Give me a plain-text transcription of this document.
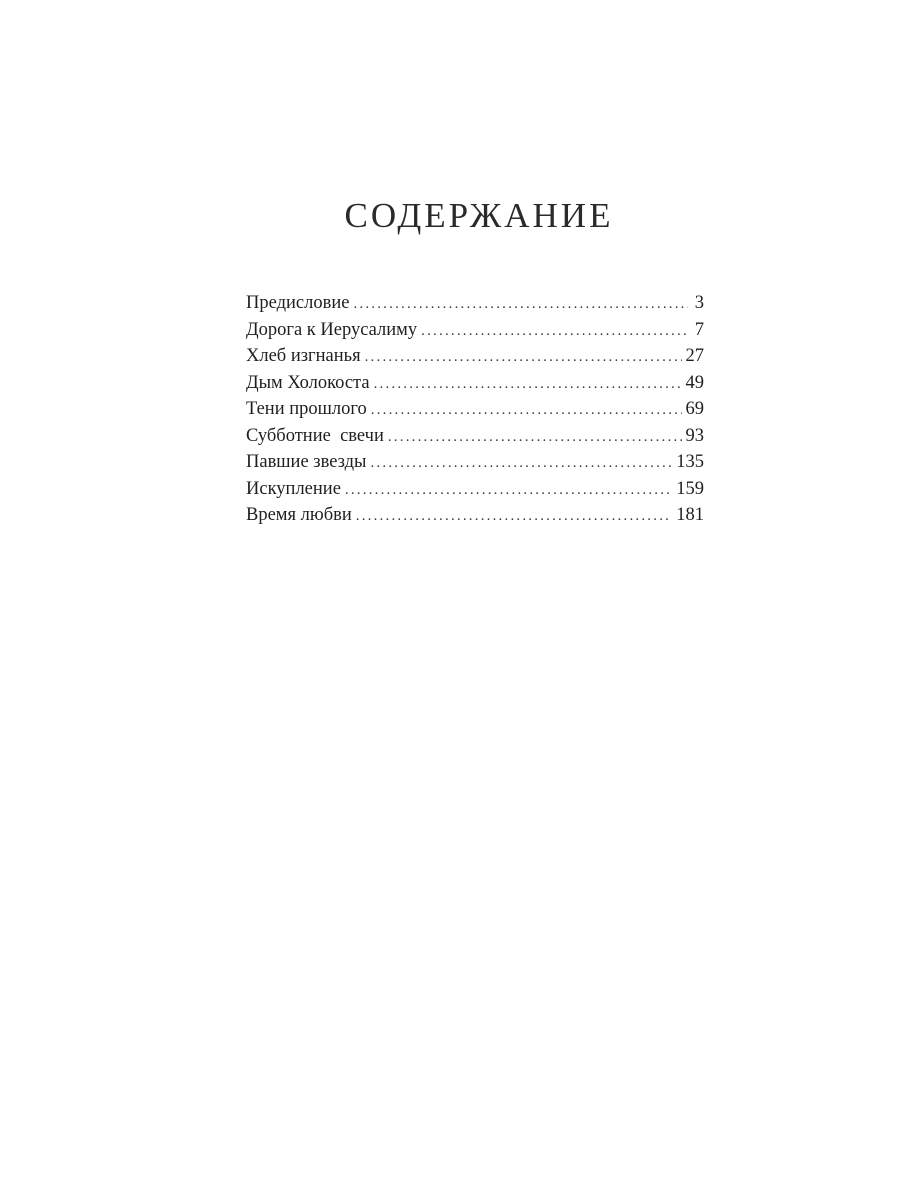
СОДЕРЖАНИЕ
Предисловие .....	3
Дорога к Иерусалиму .....	7
Хлеб изгнанья .....	27
Дым Холокоста .....	49
Тени прошлого .....	69
Субботние  свечи .....	93
Павшие звезды .....	135
Искупление .....	159
Время любви .....	181
